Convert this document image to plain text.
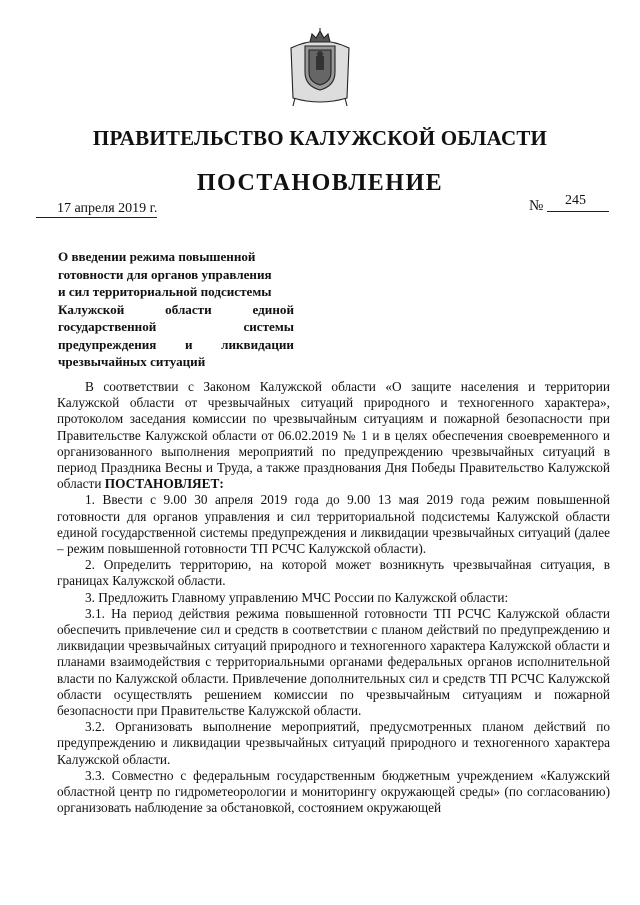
ПРАВИТЕЛЬСТВО КАЛУЖСКОЙ ОБЛАСТИ
ПОСТАНОВЛЕНИЕ
17 апреля 2019 г.	№ 245
О введении режима повышенной
готовности для органов управления
и сил территориальной подсистемы
Калужской	области	единой
государственной	системы
предупреждения и ликвидации
чрезвычайных ситуаций

В соответствии с Законом Калужской области «О защите населения и территории Калужской области от чрезвычайных ситуаций природного и техногенного характера», протоколом заседания комиссии по чрезвычайным ситуациям и пожарной безопасности при Правительстве Калужской области от 06.02.2019 № 1 и в целях обеспечения своевременного и организованного выполнения мероприятий по предупреждению чрезвычайных ситуаций в период Праздника Весны и Труда, а также празднования Дня Победы Правительство Калужской области ПОСТАНОВЛЯЕТ:

1. Ввести с 9.00 30 апреля 2019 года до 9.00 13 мая 2019 года режим повышенной готовности для органов управления и сил территориальной подсистемы Калужской области единой государственной системы предупреждения и ликвидации чрезвычайных ситуаций (далее – режим повышенной готовности ТП РСЧС Калужской области).

2. Определить территорию, на которой может возникнуть чрезвычайная ситуация, в границах Калужской области.

3. Предложить Главному управлению МЧС России по Калужской области:

3.1. На период действия режима повышенной готовности ТП РСЧС Калужской области обеспечить привлечение сил и средств в соответствии с планом действий по предупреждению и ликвидации чрезвычайных ситуаций природного и техногенного характера Калужской области и планами взаимодействия с территориальными органами федеральных органов исполнительной власти по Калужской области. Привлечение дополнительных сил и средств ТП РСЧС Калужской области осуществлять решением комиссии по чрезвычайным ситуациям и пожарной безопасности при Правительстве Калужской области.

3.2. Организовать выполнение мероприятий, предусмотренных планом действий по предупреждению и ликвидации чрезвычайных ситуаций природного и техногенного характера Калужской области.

3.3. Совместно с федеральным государственным бюджетным учреждением «Калужский областной центр по гидрометеорологии и мониторингу окружающей среды» (по согласованию) организовать наблюдение за обстановкой, состоянием окружающей
